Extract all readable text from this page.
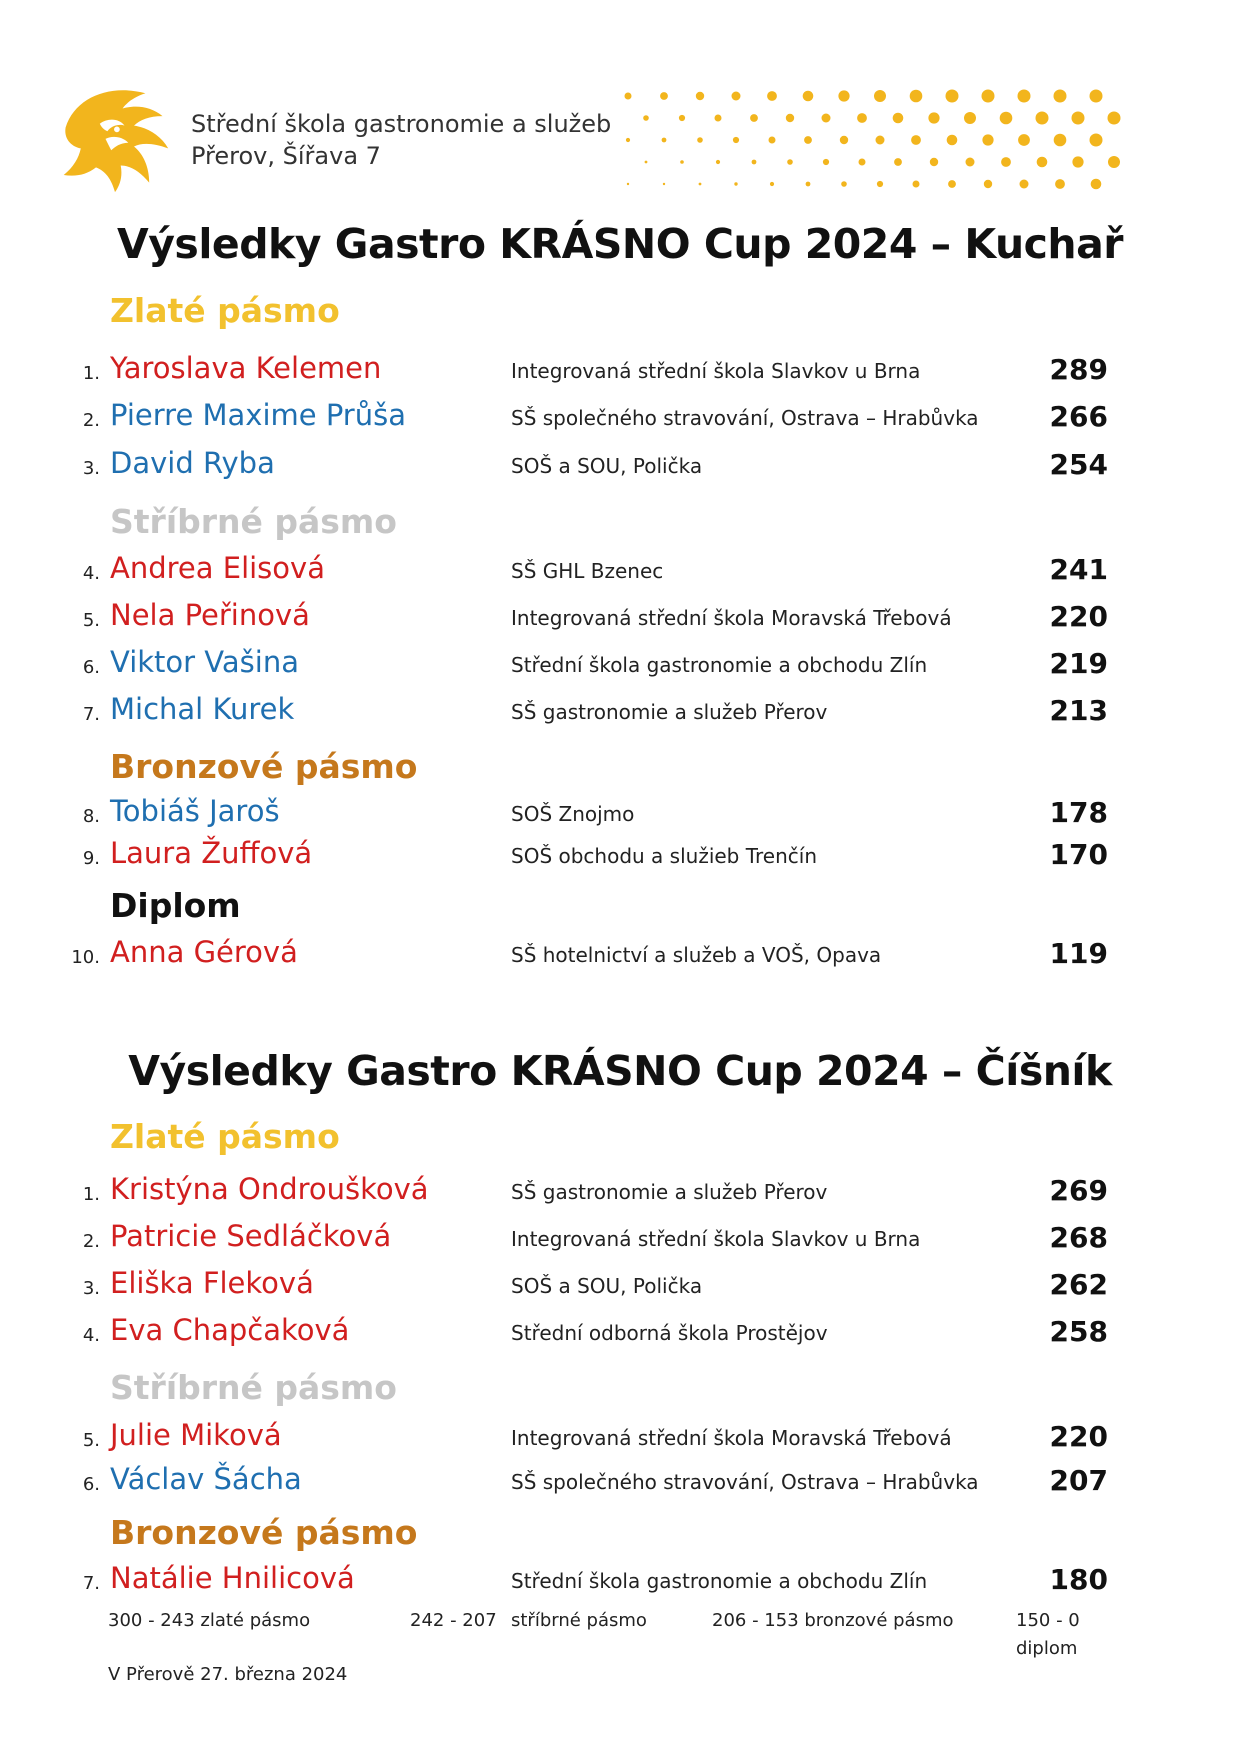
Střední škola gastronomie a služeb
Přerov, Šířava 7
Výsledky Gastro KRÁSNO Cup 2024 – Kuchař
Zlaté pásmo
1. Yaroslava Kelemen	Integrovaná střední škola Slavkov u Brna	289
2. Pierre Maxime Průša	SŠ společného stravování, Ostrava – Hrabůvka	266
3. David Ryba	SOŠ a SOU, Polička	254
Stříbrné pásmo
4. Andrea Elisová	SŠ GHL Bzenec	241
5. Nela Peřinová	Integrovaná střední škola Moravská Třebová	220
6. Viktor Vašina	Střední škola gastronomie a obchodu Zlín	219
7. Michal Kurek	SŠ gastronomie a služeb Přerov	213
Bronzové pásmo
8. Tobiáš Jaroš	SOŠ Znojmo	178
9. Laura Žuffová	SOŠ obchodu a služieb Trenčín	170
Diplom
10. Anna Gérová	SŠ hotelnictví a služeb a VOŠ, Opava	119
Výsledky Gastro KRÁSNO Cup 2024 – Číšník
Zlaté pásmo
1. Kristýna Ondroušková	SŠ gastronomie a služeb Přerov	269
2. Patricie Sedláčková	Integrovaná střední škola Slavkov u Brna	268
3. Eliška Fleková	SOŠ a SOU, Polička	262
4. Eva Chapčaková	Střední odborná škola Prostějov	258
Stříbrné pásmo
5. Julie Miková	Integrovaná střední škola Moravská Třebová	220
6. Václav Šácha	SŠ společného stravování, Ostrava – Hrabůvka	207
Bronzové pásmo
7. Natálie Hnilicová	Střední škola gastronomie a obchodu Zlín	180
300 - 243 zlaté pásmo	242 - 207 stříbrné pásmo	206 - 153 bronzové pásmo	150 - 0
diplom
V Přerově 27. března 2024
